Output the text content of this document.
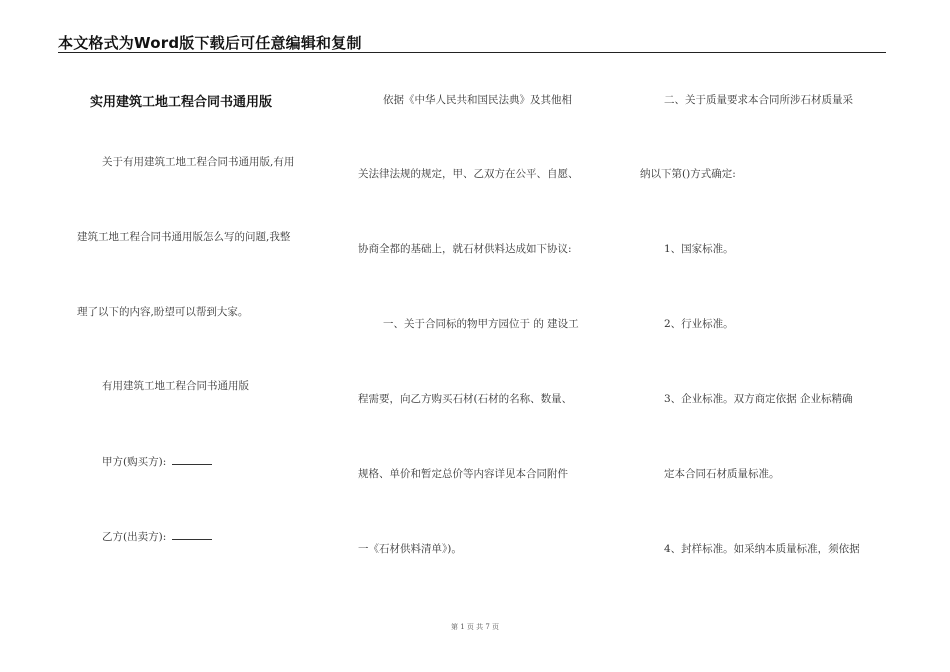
本文格式为Word版下载后可任意编辑和复制
实用建筑工地工程合同书通用版
关于有用建筑工地工程合同书通用版,有用
建筑工地工程合同书通用版怎么写的问题,我整
理了以下的内容,盼望可以帮到大家。
有用建筑工地工程合同书通用版
甲方(购买方):
乙方(出卖方):
依据《中华人民共和国民法典》及其他相
关法律法规的规定，甲、乙双方在公平、自愿、
协商全都的基础上，就石材供料达成如下协议:
一、关于合同标的物甲方园位于 的 建设工
程需要，向乙方购买石材(石材的名称、数量、
规格、单价和暂定总价等内容详见本合同附件
一《石材供料清单》)。
二、关于质量要求本合同所涉石材质量采
纳以下第()方式确定:
1、国家标准。
2、行业标准。
3、企业标准。双方商定依据 企业标精确
定本合同石材质量标准。
4、封样标准。如采纳本质量标准，须依据
第 1 页 共 7 页
